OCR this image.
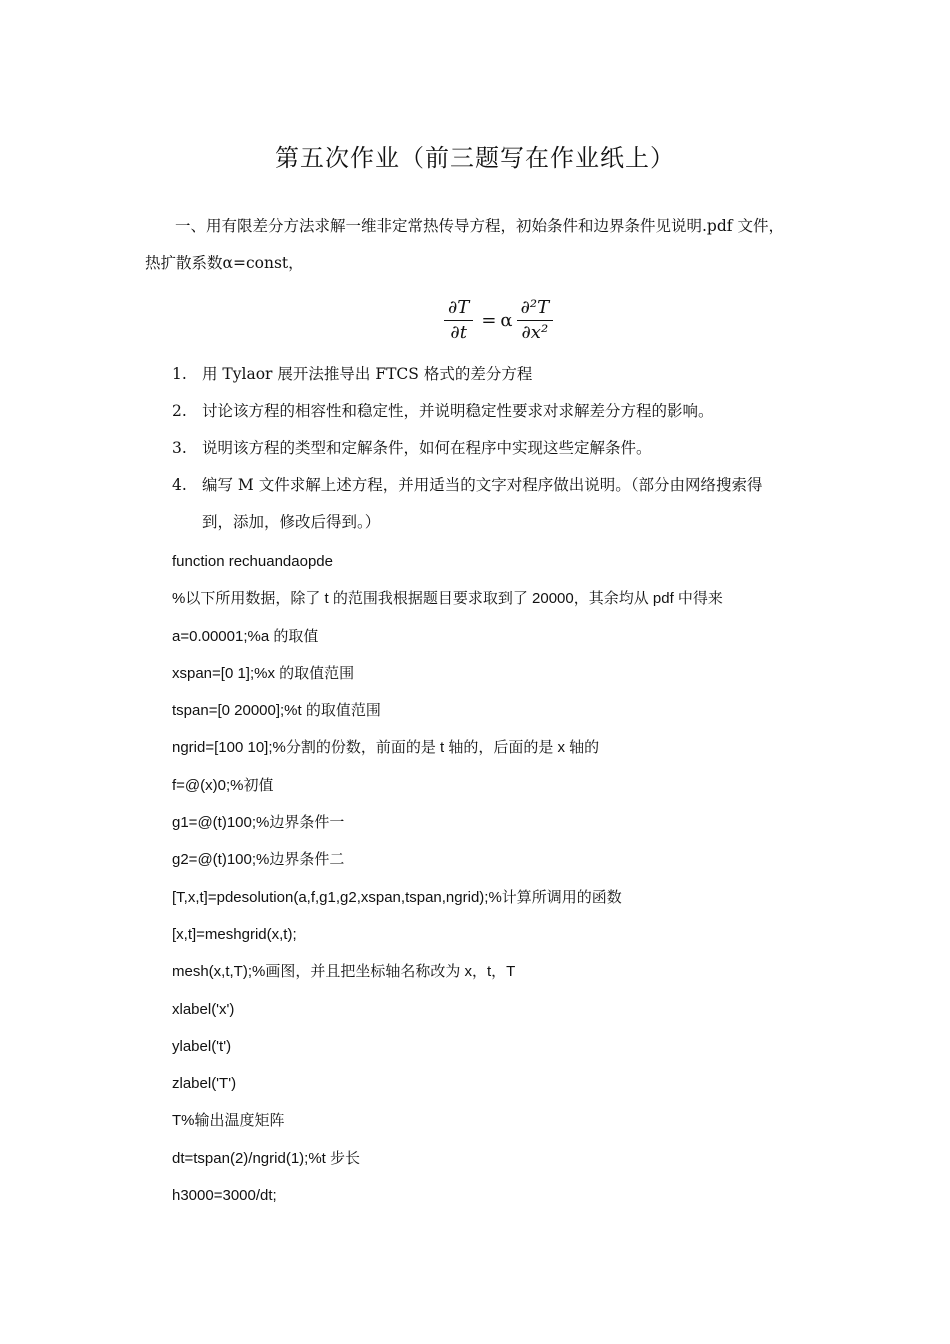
第五次作业（前三题写在作业纸上）
一、用有限差分方法求解一维非定常热传导方程，初始条件和边界条件见说明.pdf 文件，
热扩散系数α=const，
$\frac{\partial T}{\partial t} = \alpha \frac{\text{∂²T}}{\text{∂x²}}$
1. 用 Tylaor 展开法推导出 FTCS 格式的差分方程
2. 讨论该方程的相容性和稳定性，并说明稳定性要求对求解差分方程的影响。
3. 说明该方程的类型和定解条件，如何在程序中实现这些定解条件。
4. 编写 M 文件求解上述方程，并用适当的文字对程序做出说明。（部分由网络搜索得
到，添加，修改后得到。）
function rechuandaopde
%以下所用数据，除了 t 的范围我根据题目要求取到了 20000，其余均从 pdf 中得来
a=0.00001;%a 的取值
xspan=[0 1];%x 的取值范围
tspan=[0 20000];%t 的取值范围
ngrid=[100 10];%分割的份数，前面的是 t 轴的，后面的是 x 轴的
f=@(x)0;%初值
g1=@(t)100;%边界条件一
g2=@(t)100;%边界条件二
[T,x,t]=pdesolution(a,f,g1,g2,xspan,tspan,ngrid);%计算所调用的函数
[x,t]=meshgrid(x,t);
mesh(x,t,T);%画图，并且把坐标轴名称改为 x，t，T
xlabel('x')
ylabel('t')
zlabel('T')
T%输出温度矩阵
dt=tspan(2)/ngrid(1);%t 步长
h3000=3000/dt;
